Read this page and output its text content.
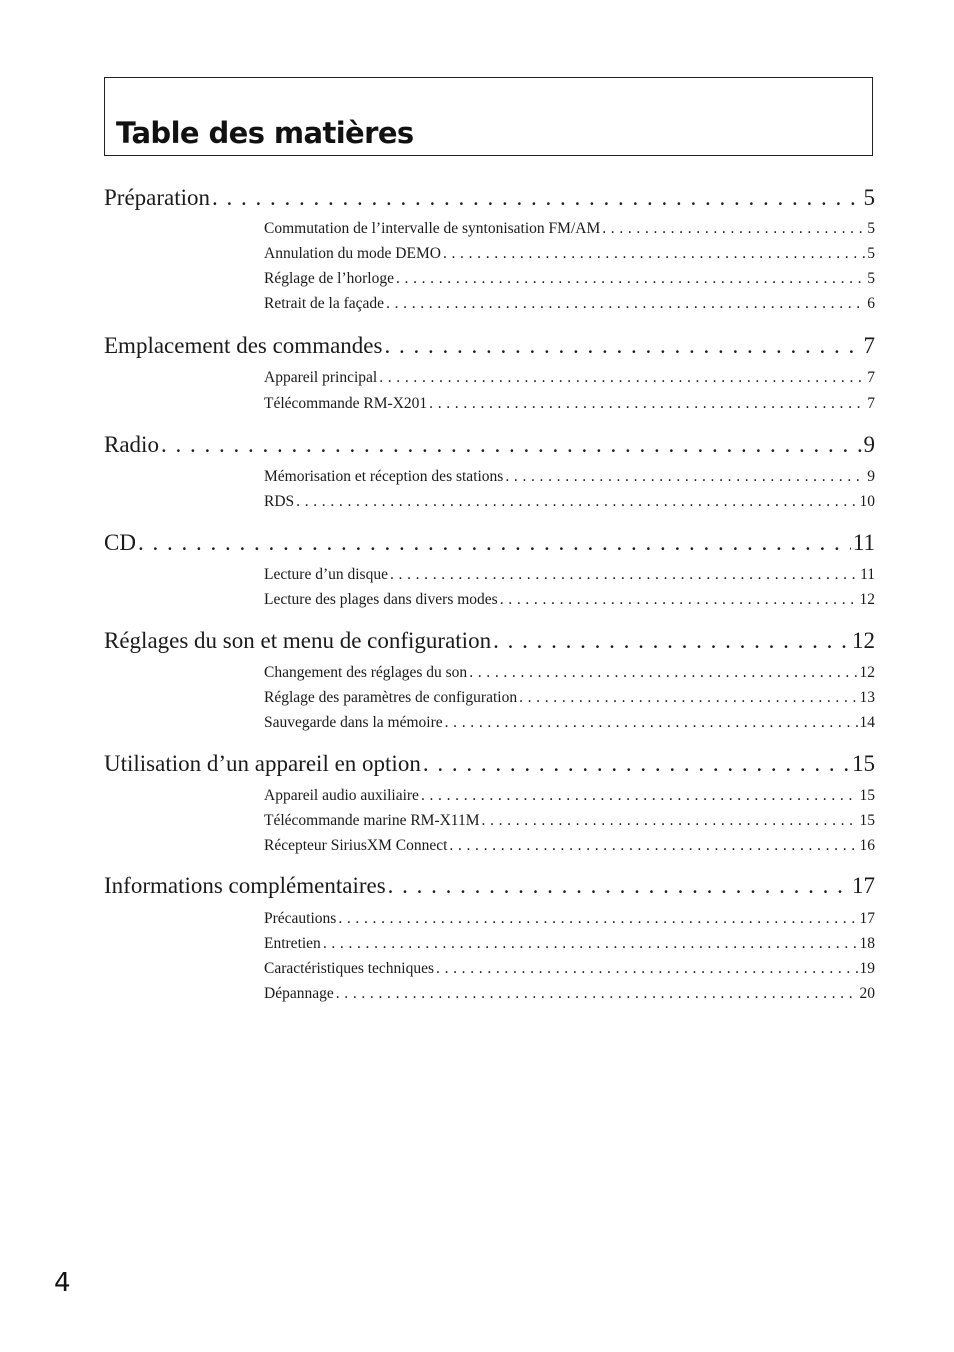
Table des matières
Préparation . . .	5
Commutation de l’intervalle de syntonisation FM/AM . . .	5
Annulation du mode DEMO . . .	5
Réglage de l’horloge . . .	5
Retrait de la façade . . .	6
Emplacement des commandes . . .	7
Appareil principal . . .	7
Télécommande RM-X201 . . .	7
Radio . . .	9
Mémorisation et réception des stations . . .	9
RDS . . .	10
CD . . .	11
Lecture d’un disque . . .	11
Lecture des plages dans divers modes . . .	12
Réglages du son et menu de configuration . . .	12
Changement des réglages du son . . .	12
Réglage des paramètres de configuration . . .	13
Sauvegarde dans la mémoire . . .	14
Utilisation d’un appareil en option . . .	15
Appareil audio auxiliaire . . .	15
Télécommande marine RM-X11M . . .	15
Récepteur SiriusXM Connect . . .	16
Informations complémentaires . . .	17
Précautions . . .	17
Entretien . . .	18
Caractéristiques techniques . . .	19
Dépannage . . .	20
4
